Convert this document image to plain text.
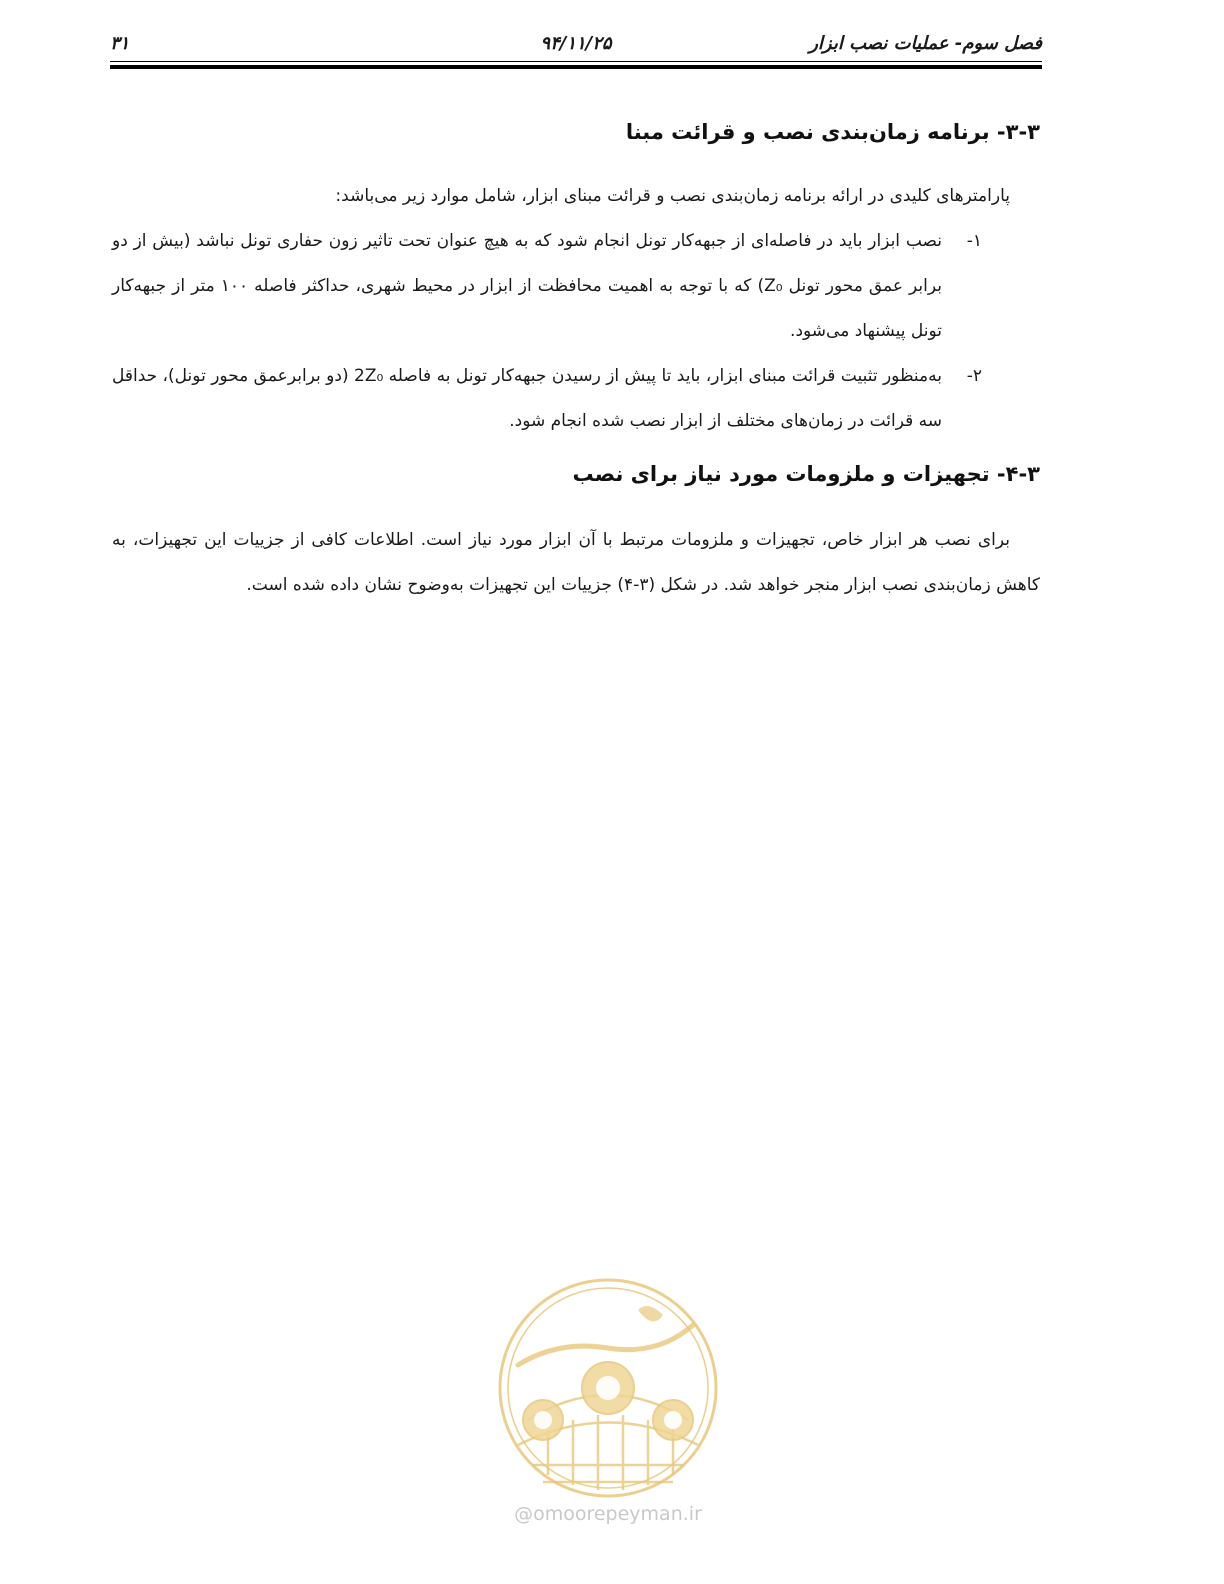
فصل سوم- عملیات نصب ابزار
۹۴/۱۱/۲۵
۳۱
۳-۳- برنامه زمان‌بندی نصب و قرائت مبنا

پارامترهای کلیدی در ارائه برنامه زمان‌بندی نصب و قرائت مبنای ابزار، شامل موارد زیر می‌باشد:

۱-
نصب ابزار باید در فاصله‌ای از جبهه‌کار تونل انجام شود که به هیچ عنوان تحت تاثیر زون حفاری تونل نباشد (بیش از دو برابر عمق محور تونل Z₀) که با توجه به اهمیت محافظت از ابزار در محیط شهری، حداکثر فاصله ۱۰۰ متر از جبهه‌کار تونل پیشنهاد می‌شود.
۲-
به‌منظور تثبیت قرائت مبنای ابزار، باید تا پیش از رسیدن جبهه‌کار تونل به فاصله 2Z₀ (دو برابرعمق محور تونل)، حداقل سه قرائت در زمان‌های مختلف از ابزار نصب شده انجام شود.
۴-۳- تجهیزات و ملزومات مورد نیاز برای نصب

برای نصب هر ابزار خاص، تجهیزات و ملزومات مرتبط با آن ابزار مورد نیاز است. اطلاعات کافی از جزییات این تجهیزات، به کاهش زمان‌بندی نصب ابزار منجر خواهد شد. در شکل (۳-۴) جزییات این تجهیزات به‌وضوح نشان داده شده است.

@omoorepeyman.ir
